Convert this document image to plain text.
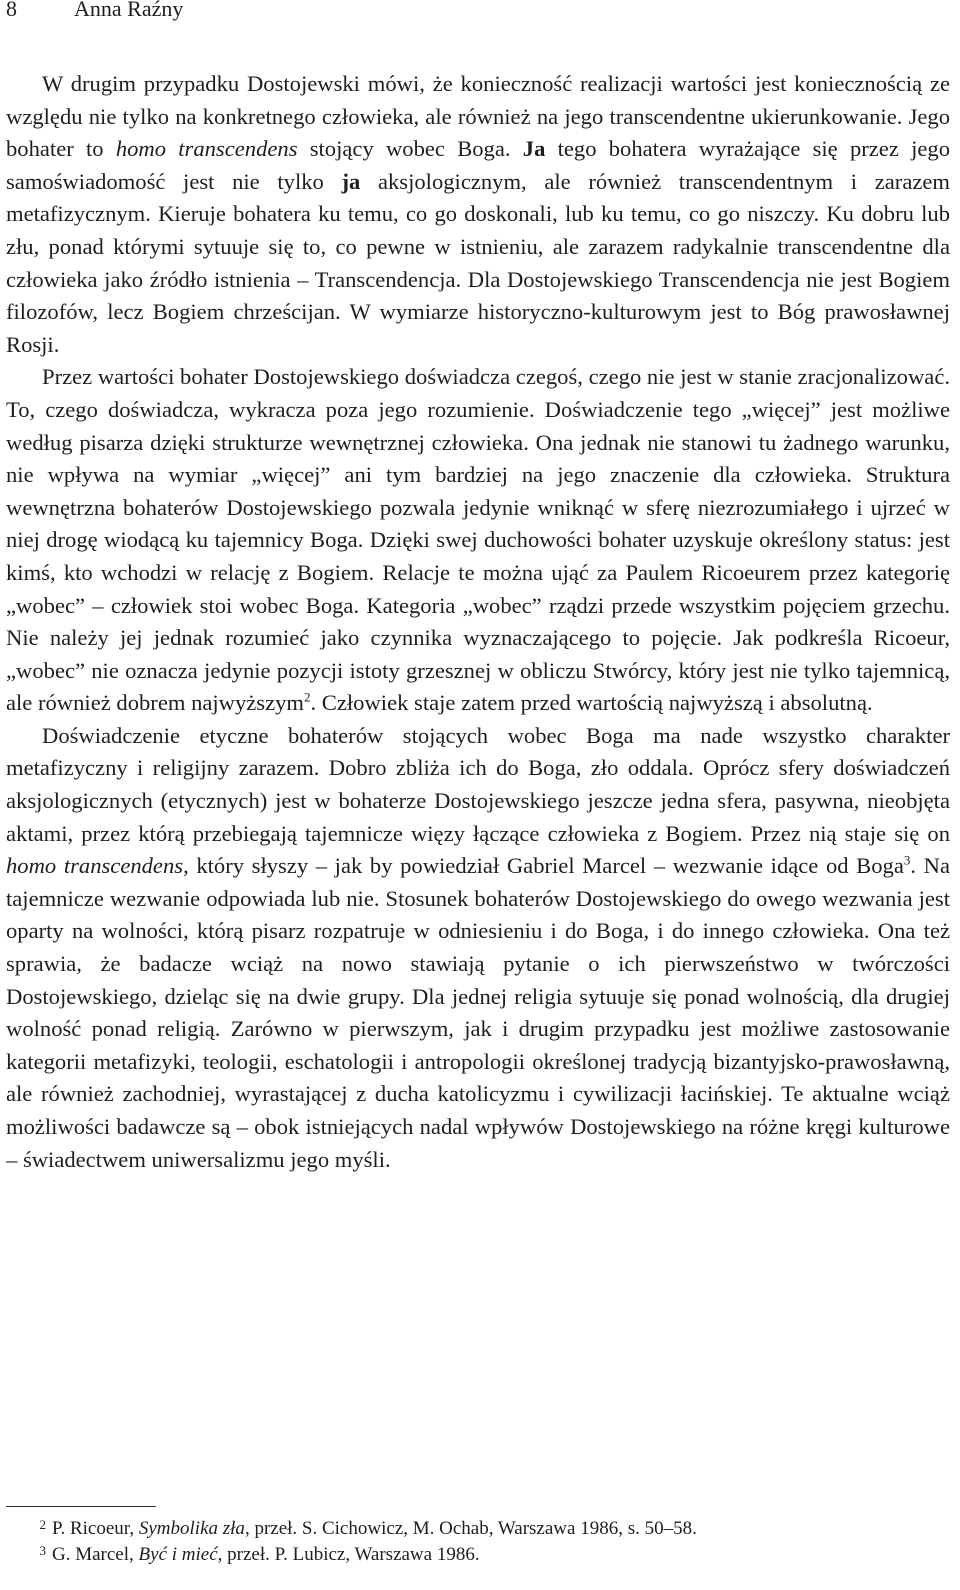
8	Anna Raźny

W drugim przypadku Dostojewski mówi, że konieczność realizacji wartości jest koniecznością ze względu nie tylko na konkretnego człowieka, ale również na jego transcendentne ukierunkowanie. Jego bohater to homo transcendens stojący wobec Boga. Ja tego bohatera wyrażające się przez jego samoświadomość jest nie tylko ja aksjologicznym, ale również transcendentnym i zarazem metafizycznym. Kieruje bohatera ku temu, co go doskonali, lub ku temu, co go niszczy. Ku dobru lub złu, ponad którymi sytuuje się to, co pewne w istnieniu, ale zarazem radykalnie transcendentne dla człowieka jako źródło istnienia – Transcendencja. Dla Dostojewskiego Transcendencja nie jest Bogiem filozofów, lecz Bogiem chrześcijan. W wymiarze historyczno-kulturowym jest to Bóg prawosławnej Rosji.

Przez wartości bohater Dostojewskiego doświadcza czegoś, czego nie jest w stanie zracjonalizować. To, czego doświadcza, wykracza poza jego rozumienie. Doświadczenie tego „więcej” jest możliwe według pisarza dzięki strukturze wewnętrznej człowieka. Ona jednak nie stanowi tu żadnego warunku, nie wpływa na wymiar „więcej” ani tym bardziej na jego znaczenie dla człowieka. Struktura wewnętrzna bohaterów Dostojewskiego pozwala jedynie wniknąć w sferę niezrozumiałego i ujrzeć w niej drogę wiodącą ku tajemnicy Boga. Dzięki swej duchowości bohater uzyskuje określony status: jest kimś, kto wchodzi w relację z Bogiem. Relacje te można ująć za Paulem Ricoeurem przez kategorię „wobec” – człowiek stoi wobec Boga. Kategoria „wobec” rządzi przede wszystkim pojęciem grzechu. Nie należy jej jednak rozumieć jako czynnika wyznaczającego to pojęcie. Jak podkreśla Ricoeur, „wobec” nie oznacza jedynie pozycji istoty grzesznej w obliczu Stwórcy, który jest nie tylko tajemnicą, ale również dobrem najwyższym$^2$. Człowiek staje zatem przed wartością najwyższą i absolutną.

Doświadczenie etyczne bohaterów stojących wobec Boga ma nade wszystko charakter metafizyczny i religijny zarazem. Dobro zbliża ich do Boga, zło oddala. Oprócz sfery doświadczeń aksjologicznych (etycznych) jest w bohaterze Dostojewskiego jeszcze jedna sfera, pasywna, nieobjęta aktami, przez którą przebiegają tajemnicze więzy łączące człowieka z Bogiem. Przez nią staje się on homo transcendens, który słyszy – jak by powiedział Gabriel Marcel – wezwanie idące od Boga$^3$. Na tajemnicze wezwanie odpowiada lub nie. Stosunek bohaterów Dostojewskiego do owego wezwania jest oparty na wolności, którą pisarz rozpatruje w odniesieniu i do Boga, i do innego człowieka. Ona też sprawia, że badacze wciąż na nowo stawiają pytanie o ich pierwszeństwo w twórczości Dostojewskiego, dzieląc się na dwie grupy. Dla jednej religia sytuuje się ponad wolnością, dla drugiej wolność ponad religią. Zarówno w pierwszym, jak i drugim przypadku jest możliwe zastosowanie kategorii metafizyki, teologii, eschatologii i antropologii określonej tradycją bizantyjsko-prawosławną, ale również zachodniej, wyrastającej z ducha katolicyzmu i cywilizacji łacińskiej. Te aktualne wciąż możliwości badawcze są – obok istniejących nadal wpływów Dostojewskiego na różne kręgi kulturowe – świadectwem uniwersalizmu jego myśli.

2 P. Ricoeur, Symbolika zła, przeł. S. Cichowicz, M. Ochab, Warszawa 1986, s. 50–58.
3 G. Marcel, Być i mieć, przeł. P. Lubicz, Warszawa 1986.
